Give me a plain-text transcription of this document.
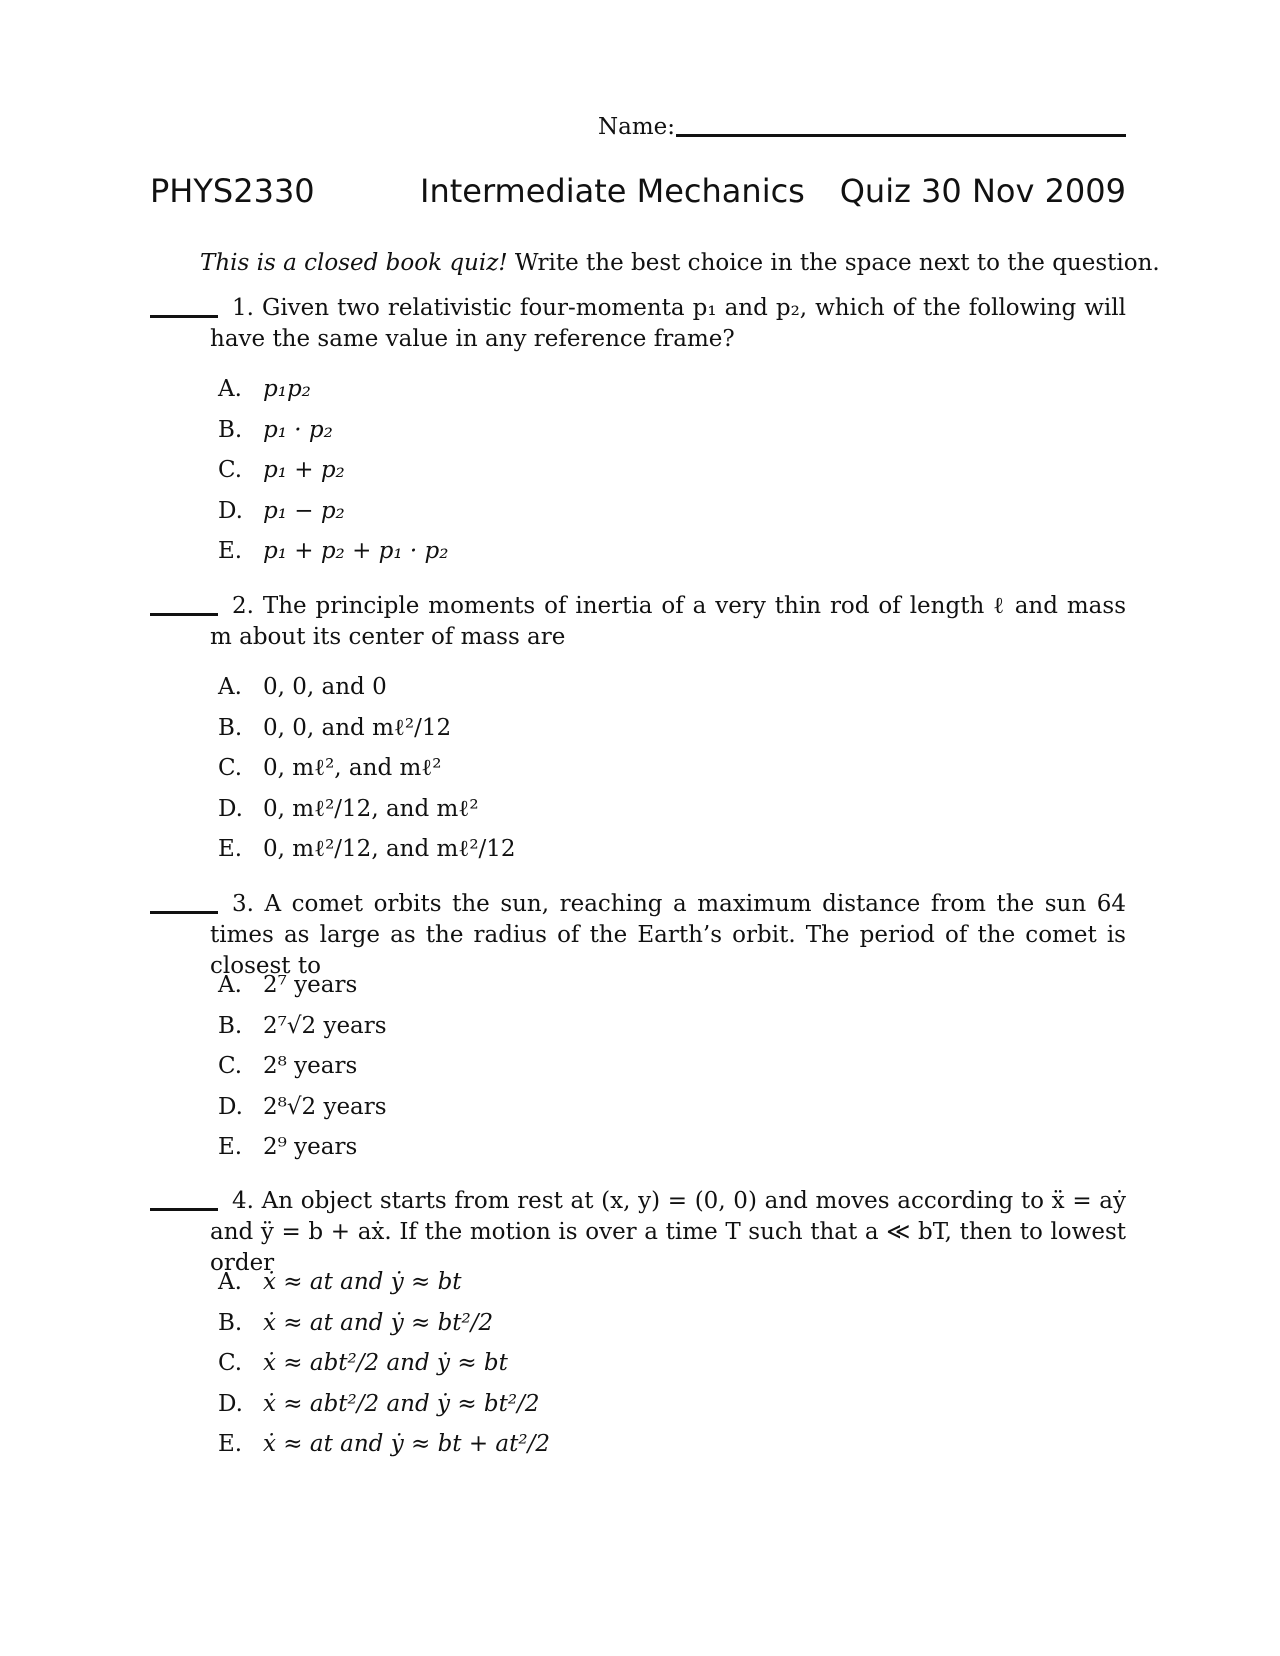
Name:
PHYS2330	Intermediate Mechanics Quiz 30 Nov 2009
This is a closed book quiz! Write the best choice in the space next to the question.
1. Given two relativistic four-momenta p₁ and p₂, which of the following will have the same value in any reference frame?
A. p₁p₂
B. p₁ · p₂
C. p₁ + p₂
D. p₁ − p₂
E. p₁ + p₂ + p₁ · p₂
2. The principle moments of inertia of a very thin rod of length ℓ and mass m about its center of mass are
A. 0, 0, and 0
B. 0, 0, and mℓ²/12
C. 0, mℓ², and mℓ²
D. 0, mℓ²/12, and mℓ²
E. 0, mℓ²/12, and mℓ²/12
3. A comet orbits the sun, reaching a maximum distance from the sun 64 times as large as the radius of the Earth’s orbit. The period of the comet is closest to
A. 2⁷ years
B. 2⁷√2 years
C. 2⁸ years
D. 2⁸√2 years
E. 2⁹ years
4. An object starts from rest at (x, y) = (0, 0) and moves according to ẍ = aẏ and ÿ = b + aẋ. If the motion is over a time T such that a ≪ bT, then to lowest order
A. ẋ ≈ at and ẏ ≈ bt
B. ẋ ≈ at and ẏ ≈ bt²/2
C. ẋ ≈ abt²/2 and ẏ ≈ bt
D. ẋ ≈ abt²/2 and ẏ ≈ bt²/2
E. ẋ ≈ at and ẏ ≈ bt + at²/2
